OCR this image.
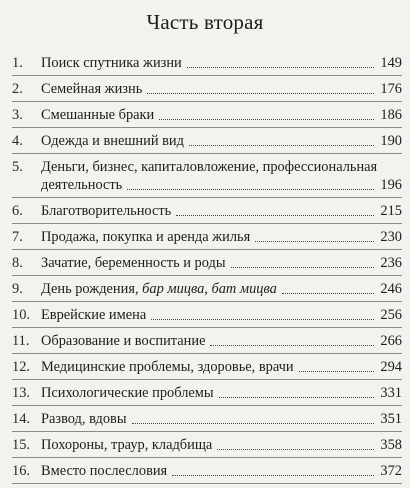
Часть вторая
1.	Поиск спутника жизни	149
2.	Семейная жизнь	176
3.	Смешанные браки	186
4.	Одежда и внешний вид	190
5.	Деньги, бизнес, капиталовложение, профессиональная
деятельность	196
6.	Благотворительность	215
7.	Продажа, покупка и аренда жилья	230
8.	Зачатие, беременность и роды	236
9.	День рождения, бар мицва, бат мицва	246
10. Еврейские имена	256
11. Образование и воспитание	266
12. Медицинские проблемы, здоровье, врачи	294
13. Психологические проблемы	331
14. Развод, вдовы	351
15. Похороны, траур, кладбища	358
16. Вместо послесловия	372
